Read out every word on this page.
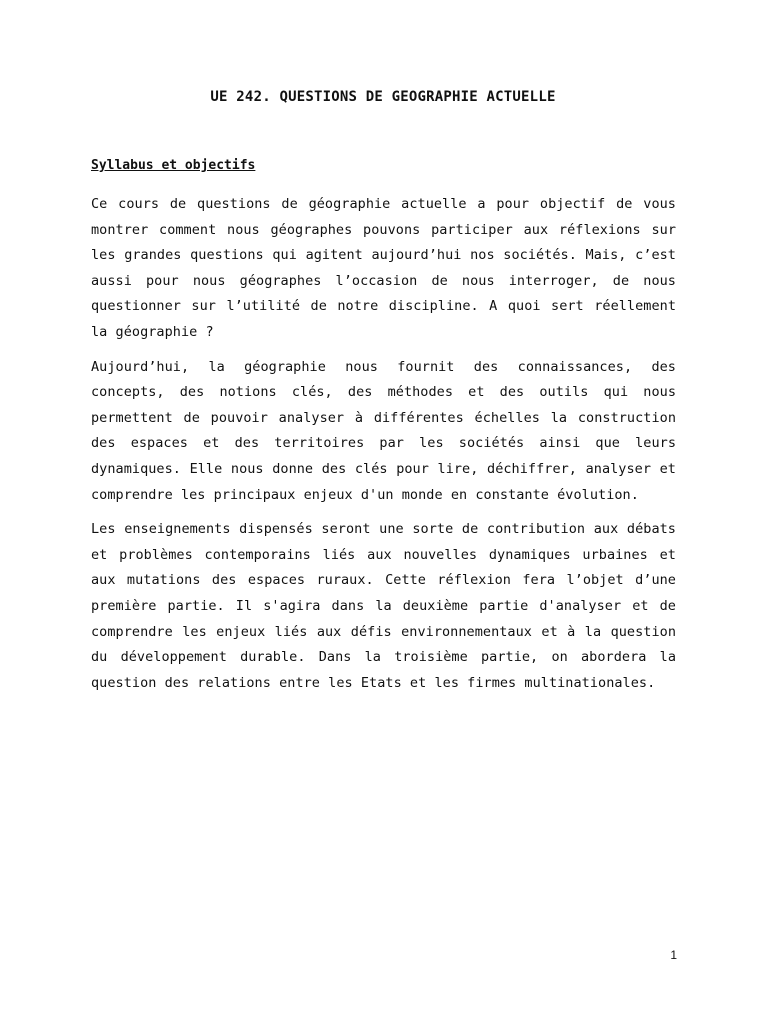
UE 242. QUESTIONS DE GEOGRAPHIE ACTUELLE
Syllabus et objectifs

Ce cours de questions de géographie actuelle a pour objectif de vous montrer comment nous géographes pouvons participer aux réflexions sur les grandes questions qui agitent aujourd’hui nos sociétés. Mais, c’est aussi pour nous géographes l’occasion de nous interroger, de nous questionner sur l’utilité de notre discipline. A quoi sert réellement la géographie ?

Aujourd’hui, la géographie nous fournit des connaissances, des concepts, des notions clés, des méthodes et des outils qui nous permettent de pouvoir analyser à différentes échelles la construction des espaces et des territoires par les sociétés ainsi que leurs dynamiques. Elle nous donne des clés pour lire, déchiffrer, analyser et comprendre les principaux enjeux d'un monde en constante évolution.

Les enseignements dispensés seront une sorte de contribution aux débats et problèmes contemporains liés aux nouvelles dynamiques urbaines et aux mutations des espaces ruraux. Cette réflexion fera l’objet d’une première partie. Il s'agira dans la deuxième partie d'analyser et de comprendre les enjeux liés aux défis environnementaux et à la question du développement durable. Dans la troisième partie, on abordera la question des relations entre les Etats et les firmes multinationales.

1
